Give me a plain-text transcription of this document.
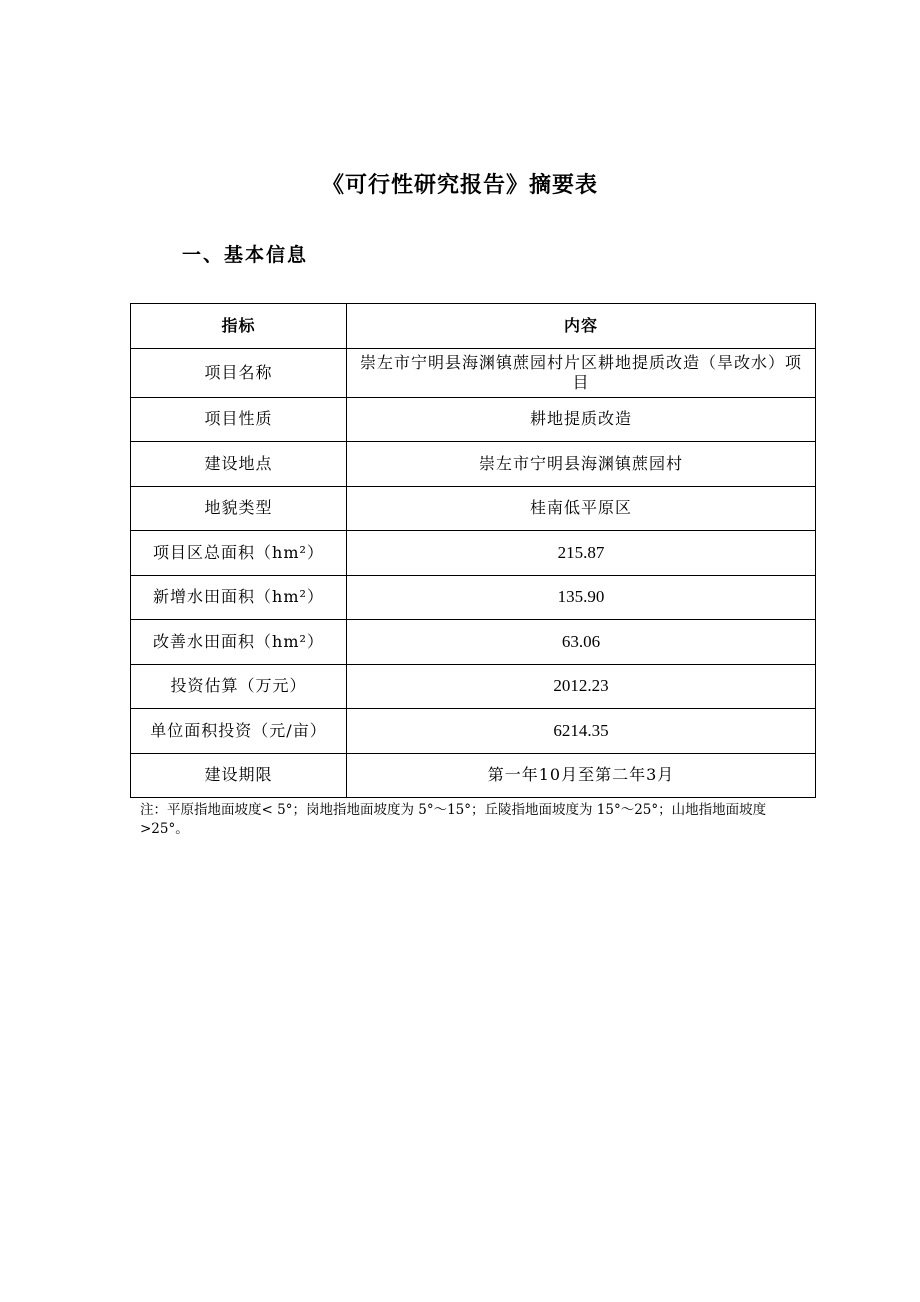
《可行性研究报告》摘要表
一、基本信息
指标	内容
项目名称	崇左市宁明县海渊镇蔗园村片区耕地提质改造（旱改水）项目
项目性质	耕地提质改造
建设地点	崇左市宁明县海渊镇蔗园村
地貌类型	桂南低平原区
项目区总面积（hm²）	215.87
新增水田面积（hm²）	135.90
改善水田面积（hm²）	63.06
投资估算（万元）	2012.23
单位面积投资（元/亩）	6214.35
建设期限	第一年10月至第二年3月

注：平原指地面坡度< 5°；岗地指地面坡度为 5°～15°；丘陵指地面坡度为 15°～25°；山地指地面坡度>25°。
